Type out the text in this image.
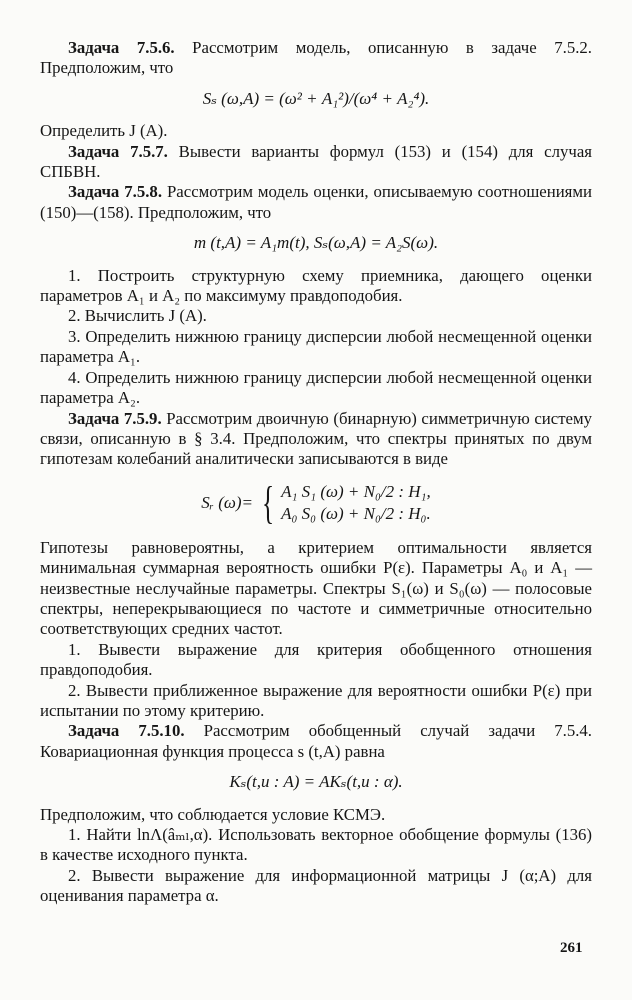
Задача 7.5.6. Рассмотрим модель, описанную в задаче 7.5.2. Предположим, что

Sₛ (ω,A) = (ω² + A₁²)/(ω⁴ + A₂⁴).

Определить J (A).

Задача 7.5.7. Вывести варианты формул (153) и (154) для случая СПБВН.

Задача 7.5.8. Рассмотрим модель оценки, описываемую соотношениями (150)—(158). Предположим, что

m (t,A) = A₁m(t), Sₛ(ω,A) = A₂S(ω).

1. Построить структурную схему приемника, дающего оценки параметров A₁ и A₂ по максимуму правдоподобия.

2. Вычислить J (A).

3. Определить нижнюю границу дисперсии любой несмещенной оценки параметра A₁.

4. Определить нижнюю границу дисперсии любой несмещенной оценки параметра A₂.

Задача 7.5.9. Рассмотрим двоичную (бинарную) симметричную систему связи, описанную в § 3.4. Предположим, что спектры принятых по двум гипотезам колебаний аналитически записываются в виде

Sᵣ (ω)= { A₁ S₁ (ω) + N₀/2 : H₁,
A₀ S₀ (ω) + N₀/2 : H₀.

Гипотезы равновероятны, а критерием оптимальности является минимальная суммарная вероятность ошибки P(ε). Параметры A₀ и A₁ — неизвестные неслучайные параметры. Спектры S₁(ω) и S₀(ω) — полосовые спектры, неперекрывающиеся по частоте и симметричные относительно соответствующих средних частот.

1. Вывести выражение для критерия обобщенного отношения правдоподобия.

2. Вывести приближенное выражение для вероятности ошибки P(ε) при испытании по этому критерию.

Задача 7.5.10. Рассмотрим обобщенный случай задачи 7.5.4. Ковариационная функция процесса s (t,A) равна

Kₛ(t,u : A) = AKₛ(t,u : α).

Предположим, что соблюдается условие КСМЭ.

1. Найти lnΛ(âₘₗ,α). Использовать векторное обобщение формулы (136) в качестве исходного пункта.

2. Вывести выражение для информационной матрицы J (α;A) для оценивания параметра α.

261
